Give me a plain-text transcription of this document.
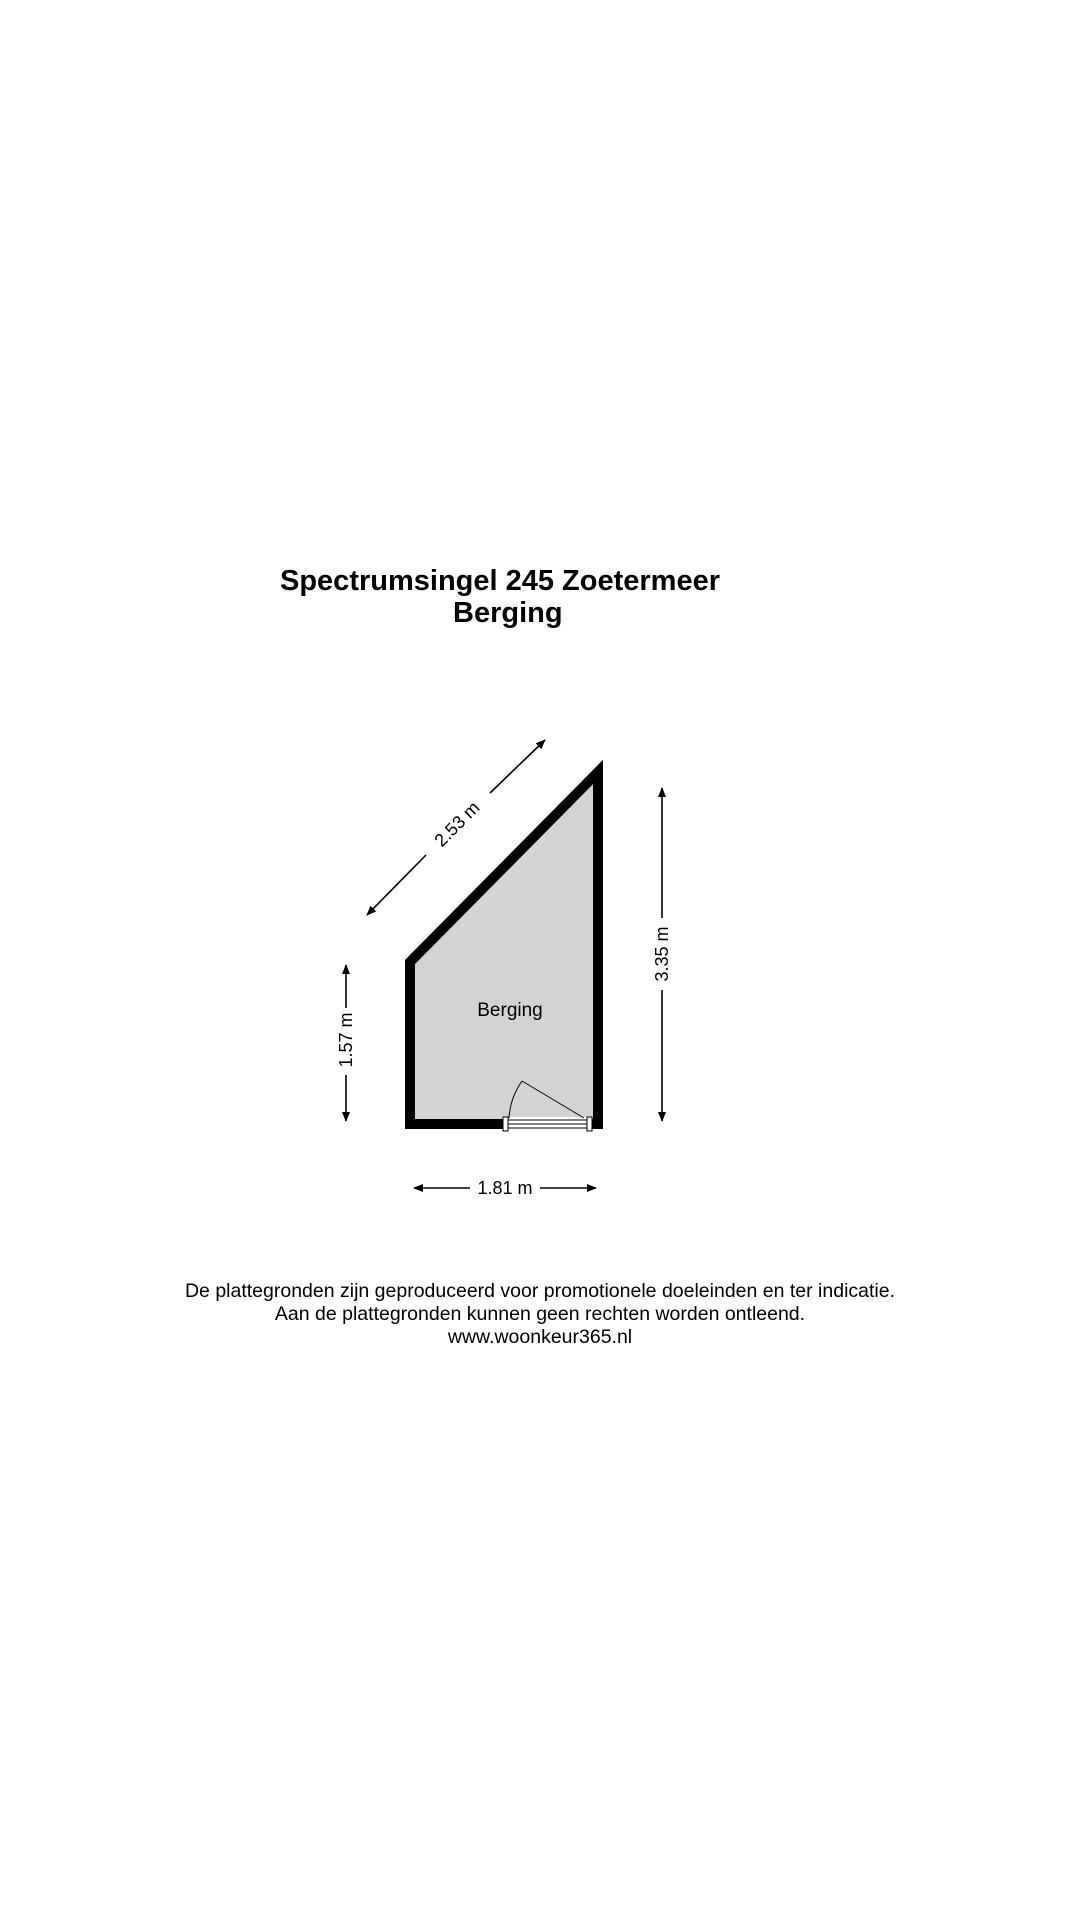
Spectrumsingel 245 Zoetermeer
Berging
Berging
2.53 m
3.35 m
1.57 m
1.81 m
De plattegronden zijn geproduceerd voor promotionele doeleinden en ter indicatie.
Aan de plattegronden kunnen geen rechten worden ontleend.
www.woonkeur365.nl
